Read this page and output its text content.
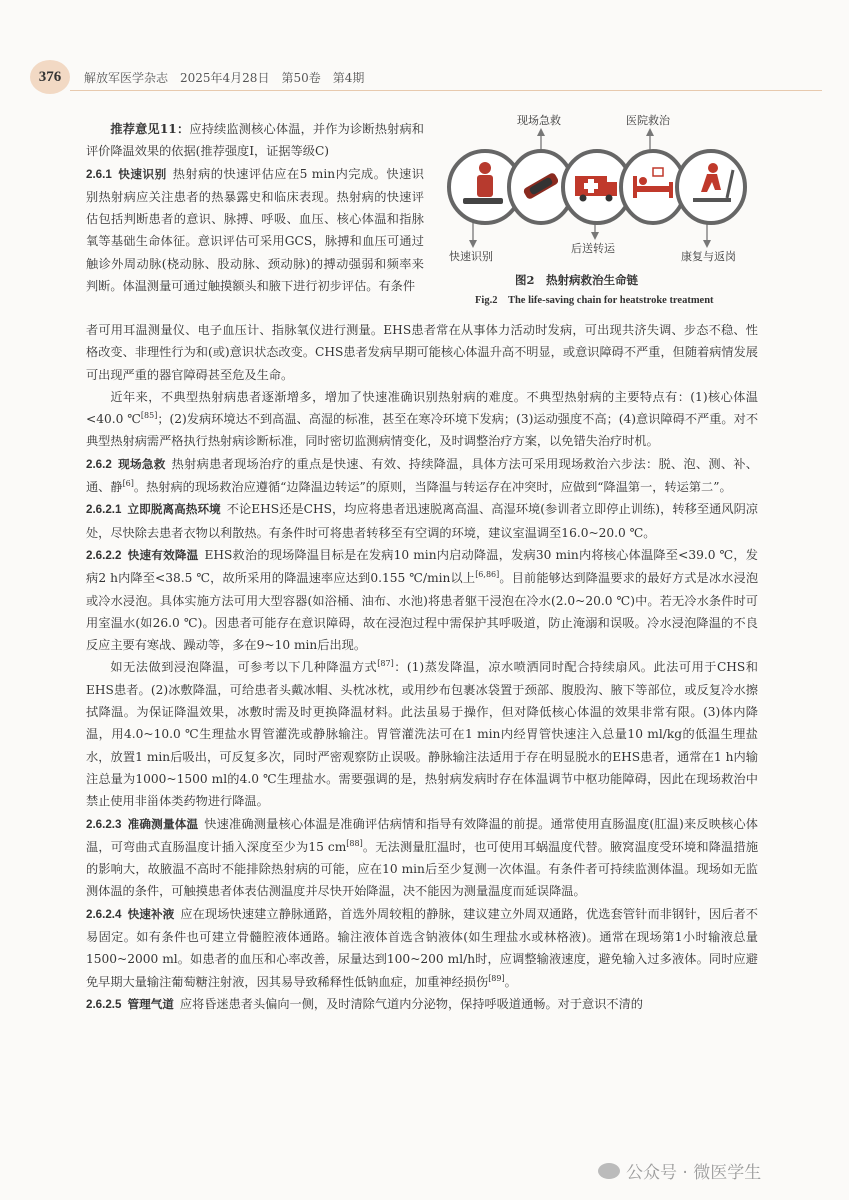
376	解放军医学杂志　2025年4月28日　第50卷　第4期

推荐意见11：应持续监测核心体温，并作为诊断热射病和评价降温效果的依据(推荐强度Ⅰ，证据等级C)

2.6.1 快速识别 热射病的快速评估应在5 min内完成。快速识别热射病应关注患者的热暴露史和临床表现。热射病的快速评估包括判断患者的意识、脉搏、呼吸、血压、核心体温和指脉氧等基础生命体征。意识评估可采用GCS，脉搏和血压可通过触诊外周动脉(桡动脉、股动脉、颈动脉)的搏动强弱和频率来判断。体温测量可通过触摸额头和腋下进行初步评估。有条件

现场急救	医院救治
快速识别
后送转运
康复与返岗
图2　热射病救治生命链
Fig.2　The life-saving chain for heatstroke treatment

者可用耳温测量仪、电子血压计、指脉氧仪进行测量。EHS患者常在从事体力活动时发病，可出现共济失调、步态不稳、性格改变、非理性行为和(或)意识状态改变。CHS患者发病早期可能核心体温升高不明显，或意识障碍不严重，但随着病情发展可出现严重的器官障碍甚至危及生命。

近年来，不典型热射病患者逐渐增多，增加了快速准确识别热射病的难度。不典型热射病的主要特点有：(1)核心体温<40.0 ℃[85]；(2)发病环境达不到高温、高湿的标准，甚至在寒冷环境下发病；(3)运动强度不高；(4)意识障碍不严重。对不典型热射病需严格执行热射病诊断标准，同时密切监测病情变化，及时调整治疗方案，以免错失治疗时机。

2.6.2 现场急救 热射病患者现场治疗的重点是快速、有效、持续降温，具体方法可采用现场救治六步法：脱、泡、测、补、通、静[6]。热射病的现场救治应遵循“边降温边转运”的原则，当降温与转运存在冲突时，应做到“降温第一，转运第二”。

2.6.2.1 立即脱离高热环境 不论EHS还是CHS，均应将患者迅速脱离高温、高湿环境(参训者立即停止训练)，转移至通风阴凉处，尽快除去患者衣物以利散热。有条件时可将患者转移至有空调的环境，建议室温调至16.0~20.0 ℃。

2.6.2.2 快速有效降温 EHS救治的现场降温目标是在发病10 min内启动降温，发病30 min内将核心体温降至<39.0 ℃，发病2 h内降至<38.5 ℃，故所采用的降温速率应达到0.155 ℃/min以上[6,86]。目前能够达到降温要求的最好方式是冰水浸泡或冷水浸泡。具体实施方法可用大型容器(如浴桶、油布、水池)将患者躯干浸泡在冷水(2.0~20.0 ℃)中。若无冷水条件时可用室温水(如26.0 ℃)。因患者可能存在意识障碍，故在浸泡过程中需保护其呼吸道，防止淹溺和误吸。冷水浸泡降温的不良反应主要有寒战、躁动等，多在9~10 min后出现。

如无法做到浸泡降温，可参考以下几种降温方式[87]：(1)蒸发降温，凉水喷洒同时配合持续扇风。此法可用于CHS和EHS患者。(2)冰敷降温，可给患者头戴冰帽、头枕冰枕，或用纱布包裹冰袋置于颈部、腹股沟、腋下等部位，或反复冷水擦拭降温。为保证降温效果，冰敷时需及时更换降温材料。此法虽易于操作，但对降低核心体温的效果非常有限。(3)体内降温，用4.0~10.0 ℃生理盐水胃管灌洗或静脉输注。胃管灌洗法可在1 min内经胃管快速注入总量10 ml/kg的低温生理盐水，放置1 min后吸出，可反复多次，同时严密观察防止误吸。静脉输注法适用于存在明显脱水的EHS患者，通常在1 h内输注总量为1000~1500 ml的4.0 ℃生理盐水。需要强调的是，热射病发病时存在体温调节中枢功能障碍，因此在现场救治中禁止使用非甾体类药物进行降温。

2.6.2.3 准确测量体温 快速准确测量核心体温是准确评估病情和指导有效降温的前提。通常使用直肠温度(肛温)来反映核心体温，可弯曲式直肠温度计插入深度至少为15 cm[88]。无法测量肛温时，也可使用耳蜗温度代替。腋窝温度受环境和降温措施的影响大，故腋温不高时不能排除热射病的可能，应在10 min后至少复测一次体温。有条件者可持续监测体温。现场如无监测体温的条件，可触摸患者体表估测温度并尽快开始降温，决不能因为测量温度而延误降温。

2.6.2.4 快速补液 应在现场快速建立静脉通路，首选外周较粗的静脉，建议建立外周双通路，优选套管针而非钢针，因后者不易固定。如有条件也可建立骨髓腔液体通路。输注液体首选含钠液体(如生理盐水或林格液)。通常在现场第1小时输液总量1500~2000 ml。如患者的血压和心率改善，尿量达到100~200 ml/h时，应调整输液速度，避免输入过多液体。同时应避免早期大量输注葡萄糖注射液，因其易导致稀释性低钠血症，加重神经损伤[89]。

2.6.2.5 管理气道 应将昏迷患者头偏向一侧，及时清除气道内分泌物，保持呼吸道通畅。对于意识不清的

公众号 · 微医学生
